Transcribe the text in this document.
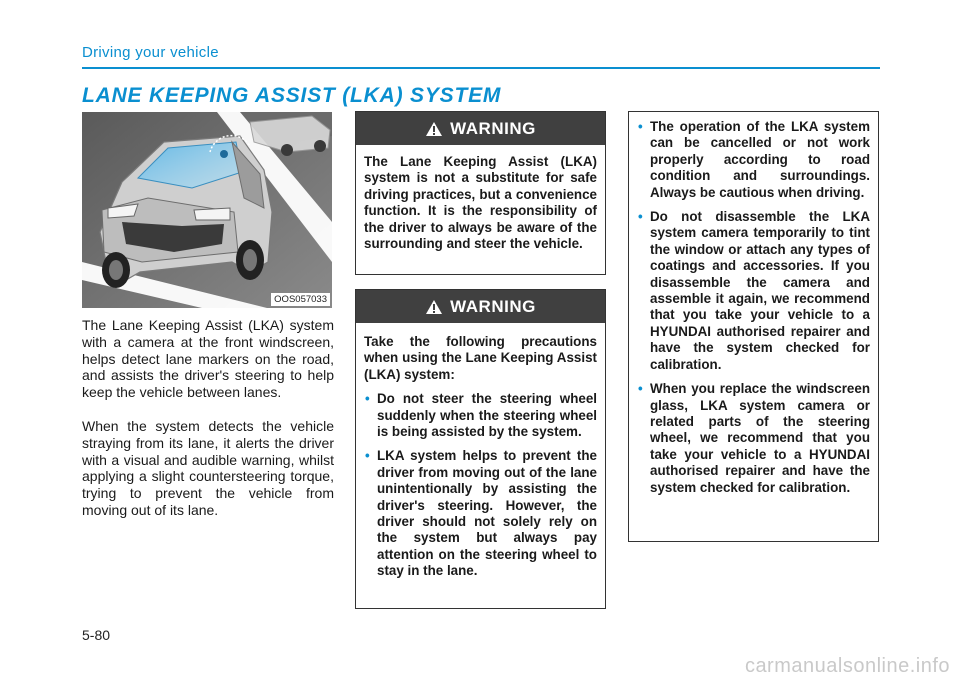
Driving your vehicle
LANE KEEPING ASSIST (LKA) SYSTEM
OOS057033
The Lane Keeping Assist (LKA) system with a camera at the front windscreen, helps detect lane markers on the road, and assists the driver's steering to help keep the vehicle between lanes.
When the system detects the vehicle straying from its lane, it alerts the driver with a visual and audible warning, whilst applying a slight countersteering torque, trying to prevent the vehicle from moving out of its lane.
WARNING
The Lane Keeping Assist (LKA) system is not a substitute for safe driving practices, but a convenience function. It is the responsibility of the driver to always be aware of the surrounding and steer the vehicle.
WARNING
Take the following precautions when using the Lane Keeping Assist (LKA) system:
• Do not steer the steering wheel suddenly when the steering wheel is being assisted by the system.
• LKA system helps to prevent the driver from moving out of the lane unintentionally by assisting the driver's steering. However, the driver should not solely rely on the system but always pay attention on the steering wheel to stay in the lane.
• The operation of the LKA system can be cancelled or not work properly according to road condition and surroundings. Always be cautious when driving.
• Do not disassemble the LKA system camera temporarily to tint the window or attach any types of coatings and accessories. If you disassemble the camera and assemble it again, we recommend that you take your vehicle to a HYUNDAI authorised repairer and have the system checked for calibration.
• When you replace the windscreen glass, LKA system camera or related parts of the steering wheel, we recommend that you take your vehicle to a HYUNDAI authorised repairer and have the system checked for calibration.
5-80
carmanualsonline.info
